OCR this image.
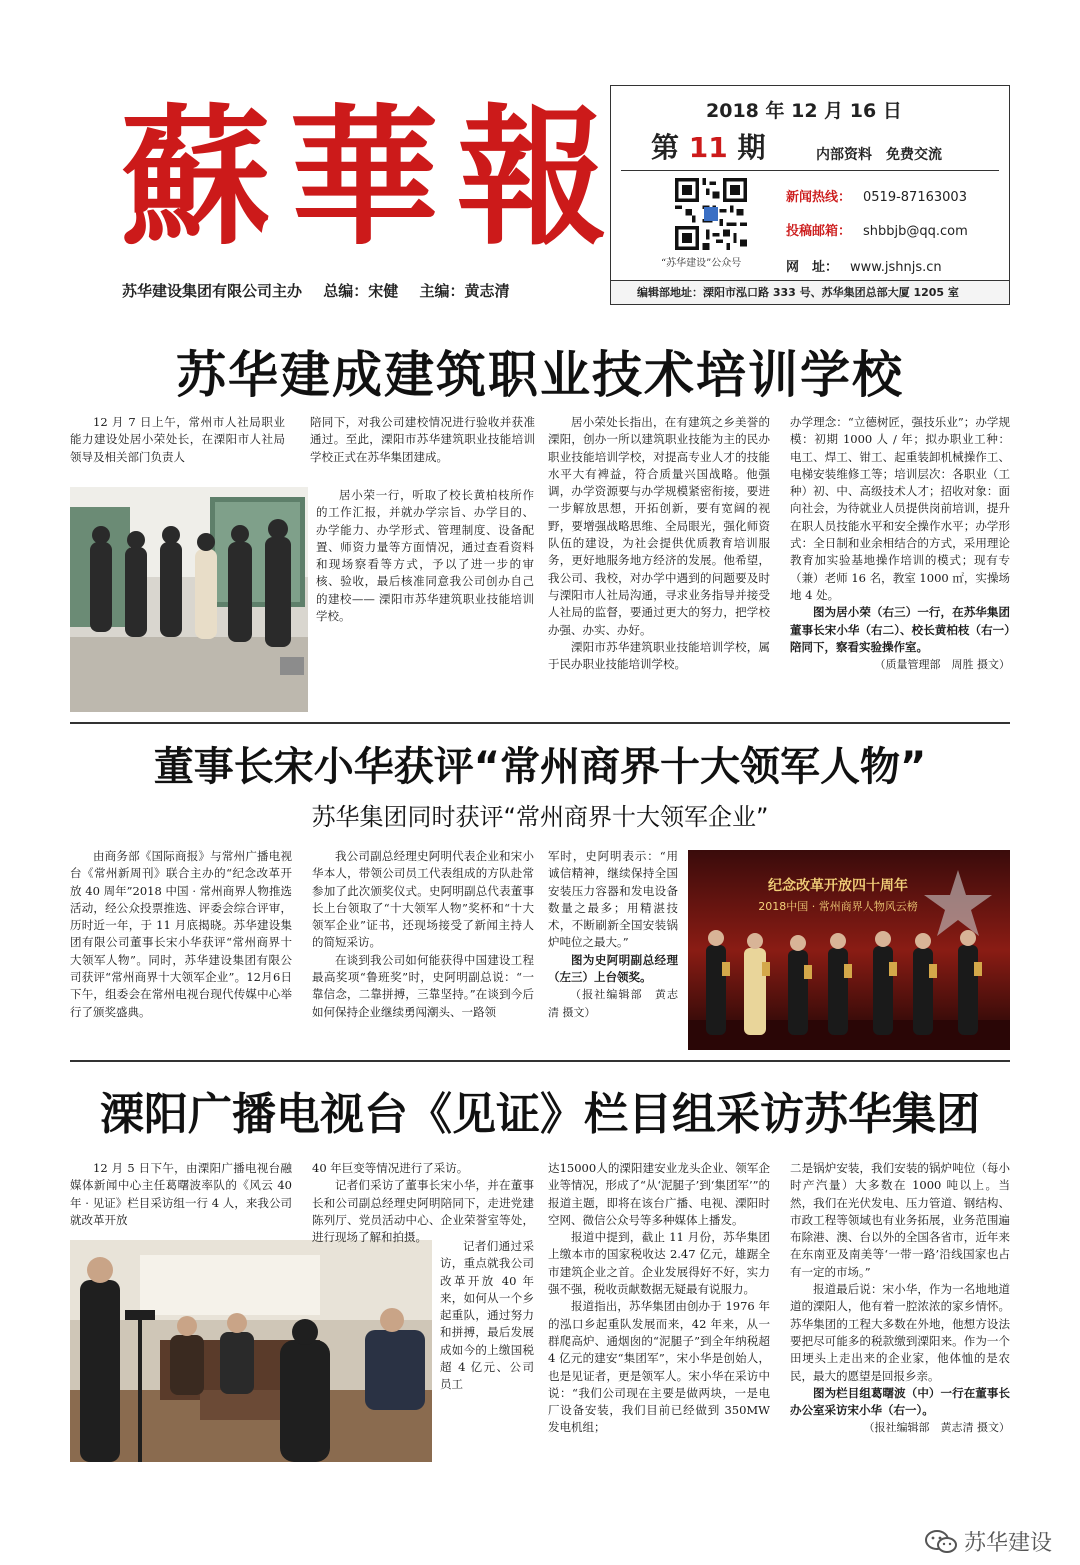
蘇華報
苏华建设集团有限公司主办 总编：宋健 主编：黄志清
2018 年 12 月 16 日
第 11 期	内部资料　免费交流
“苏华建设”公众号
新闻热线： 0519-87163003
投稿邮箱： shbbjb@qq.com
网　址： www.jshnjs.cn
编辑部地址：溧阳市泓口路 333 号、苏华集团总部大厦 1205 室
苏华建成建筑职业技术培训学校

12 月 7 日上午，常州市人社局职业能力建设处居小荣处长，在溧阳市人社局领导及相关部门负责人

陪同下，对我公司建校情况进行验收并获准通过。至此，溧阳市苏华建筑职业技能培训学校正式在苏华集团建成。

居小荣一行，听取了校长黄柏枝所作的工作汇报，并就办学宗旨、办学目的、办学能力、办学形式、管理制度、设备配置、师资力量等方面情况，通过查看资料和现场察看等方式，予以了进一步的审核、验收，最后核准同意我公司创办自己的建校—— 溧阳市苏华建筑职业技能培训学校。

居小荣处长指出，在有建筑之乡美誉的溧阳，创办一所以建筑职业技能为主的民办职业技能培训学校，对提高专业人才的技能水平大有裨益，符合质量兴国战略。他强调，办学资源要与办学规模紧密衔接，要进一步解放思想，开拓创新，要有宽阔的视野，要增强战略思维、全局眼光，强化师资队伍的建设，为社会提供优质教育培训服务，更好地服务地方经济的发展。他希望，我公司、我校，对办学中遇到的问题要及时与溧阳市人社局沟通，寻求业务指导并接受人社局的监督，要通过更大的努力，把学校办强、办实、办好。

溧阳市苏华建筑职业技能培训学校，属于民办职业技能培训学校。

办学理念：“立德树匠，强技乐业”；办学规模：初期 1000 人 / 年；拟办职业工种：电工、焊工、钳工、起重装卸机械操作工、电梯安装维修工等；培训层次：各职业（工种）初、中、高级技术人才；招收对象：面向社会，为待就业人员提供岗前培训，提升在职人员技能水平和安全操作水平；办学形式：全日制和业余相结合的方式，采用理论教育加实验基地操作培训的模式；现有专（兼）老师 16 名，教室 1000 ㎡，实操场地 4 处。

图为居小荣（右三）一行，在苏华集团董事长宋小华（右二）、校长黄柏枝（右一）陪同下，察看实验操作室。

（质量管理部　周胜 摄文）

董事长宋小华获评“常州商界十大领军人物”
苏华集团同时获评“常州商界十大领军企业”

由商务部《国际商报》与常州广播电视台《常州新周刊》联合主办的“纪念改革开放 40 周年”2018 中国 · 常州商界人物推选活动，经公众投票推选、评委会综合评审，历时近一年，于 11 月底揭晓。苏华建设集团有限公司董事长宋小华获评“常州商界十大领军人物”。同时，苏华建设集团有限公司获评“常州商界十大领军企业”。12月6日下午，组委会在常州电视台现代传媒中心举行了颁奖盛典。

我公司副总经理史阿明代表企业和宋小华本人，带领公司员工代表组成的方队赴常参加了此次颁奖仪式。史阿明副总代表董事长上台领取了“十大领军人物”奖杯和“十大领军企业”证书，还现场接受了新闻主持人的简短采访。

在谈到我公司如何能获得中国建设工程最高奖项“鲁班奖”时，史阿明副总说：“一靠信念，二靠拼搏，三靠坚持。”在谈到今后如何保持企业继续勇闯潮头、一路领

军时，史阿明表示：“用诚信精神，继续保持全国安装压力容器和发电设备数量之最多；用精湛技术，不断刷新全国安装锅炉吨位之最大。”

图为史阿明副总经理（左三）上台领奖。

（报社编辑部　黄志清 摄文）

纪念改革开放四十周年
2018中国 · 常州商界人物风云榜
溧阳广播电视台《见证》栏目组采访苏华集团

12 月 5 日下午，由溧阳广播电视台融媒体新闻中心主任葛曙波率队的《风云 40 年 · 见证》栏目采访组一行 4 人，来我公司就改革开放

40 年巨变等情况进行了采访。

记者们采访了董事长宋小华，并在董事长和公司副总经理史阿明陪同下，走进党建陈列厅、党员活动中心、企业荣誉室等处，进行现场了解和拍摄。

记者们通过采访，重点就我公司改革开放 40 年来，如何从一个乡起重队，通过努力和拼搏，最后发展成如今的上缴国税超 4 亿元、公司员工

达15000人的溧阳建安业龙头企业、领军企业等情况，形成了“从‘泥腿子’到‘集团军’”的报道主题，即将在该台广播、电视、溧阳时空网、微信公众号等多种媒体上播发。

报道中提到，截止 11 月份，苏华集团上缴本市的国家税收达 2.47 亿元，雄踞全市建筑企业之首。企业发展得好不好，实力强不强，税收贡献数据无疑最有说服力。

报道指出，苏华集团由创办于 1976 年的泓口乡起重队发展而来，42 年来，从一群爬高炉、通烟囱的“泥腿子”到全年纳税超 4 亿元的建安“集团军”，宋小华是创始人，也是见证者，更是领军人。宋小华在采访中说：“我们公司现在主要是做两块，一是电厂设备安装，我们目前已经做到 350MW 发电机组；

二是锅炉安装，我们安装的锅炉吨位（每小时产汽量）大多数在 1000 吨以上。当然，我们在光伏发电、压力管道、钢结构、市政工程等领域也有业务拓展，业务范围遍布除港、澳、台以外的全国各省市，近年来在东南亚及南美等‘一带一路’沿线国家也占有一定的市场。”

报道最后说：宋小华，作为一名地地道道的溧阳人，他有着一腔浓浓的家乡情怀。苏华集团的工程大多数在外地，他想方设法要把尽可能多的税款缴到溧阳来。作为一个田埂头上走出来的企业家，他体恤的是农民，最大的愿望是回报乡亲。

图为栏目组葛曙波（中）一行在董事长办公室采访宋小华（右一）。

（报社编辑部　黄志清 摄文）

苏华建设
